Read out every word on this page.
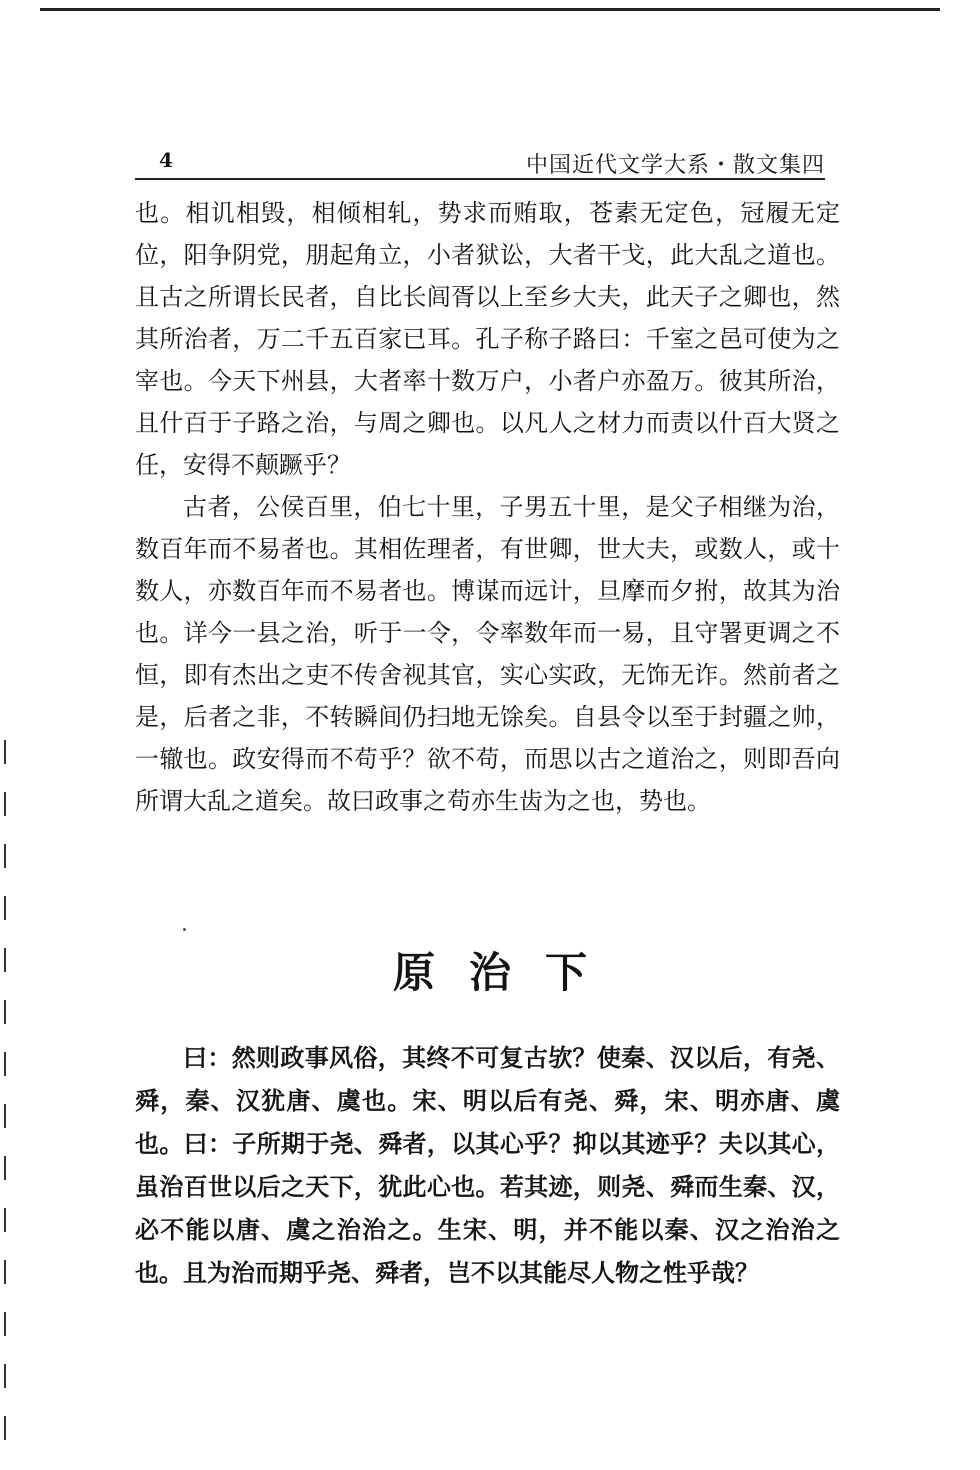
4	中国近代文学大系・散文集四

也。相讥相毁，相倾相轧，势求而贿取，苍素无定色，冠履无定位，阳争阴党，朋起角立，小者狱讼，大者干戈，此大乱之道也。且古之所谓长民者，自比长闾胥以上至乡大夫，此天子之卿也，然其所治者，万二千五百家已耳。孔子称子路曰：千室之邑可使为之宰也。今天下州县，大者率十数万户，小者户亦盈万。彼其所治，且什百于子路之治，与周之卿也。以凡人之材力而责以什百大贤之任，安得不颠蹶乎？

古者，公侯百里，伯七十里，子男五十里，是父子相继为治，数百年而不易者也。其相佐理者，有世卿，世大夫，或数人，或十数人，亦数百年而不易者也。博谋而远计，旦摩而夕拊，故其为治也。详今一县之治，听于一令，令率数年而一易，且守署更调之不恒，即有杰出之吏不传舍视其官，实心实政，无饰无诈。然前者之是，后者之非，不转瞬间仍扫地无馀矣。自县令以至于封疆之帅，一辙也。政安得而不苟乎？欲不苟，而思以古之道治之，则即吾向所谓大乱之道矣。故曰政事之苟亦生齿为之也，势也。

原治下

曰：然则政事风俗，其终不可复古欤？使秦、汉以后，有尧、舜，秦、汉犹唐、虞也。宋、明以后有尧、舜，宋、明亦唐、虞也。曰：子所期于尧、舜者，以其心乎？抑以其迹乎？夫以其心，虽治百世以后之天下，犹此心也。若其迹，则尧、舜而生秦、汉，必不能以唐、虞之治治之。生宋、明，并不能以秦、汉之治治之也。且为治而期乎尧、舜者，岂不以其能尽人物之性乎哉？
